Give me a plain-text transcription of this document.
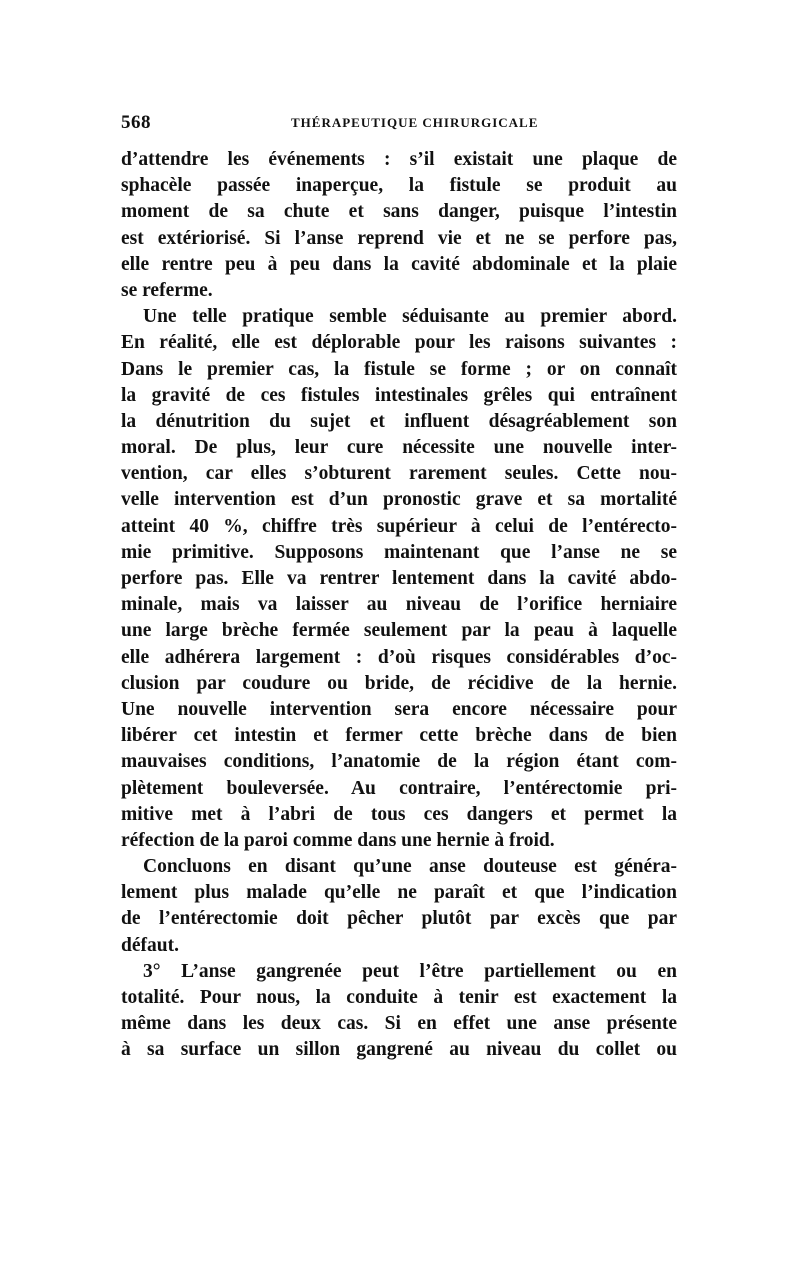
568	THÉRAPEUTIQUE CHIRURGICALE
d’attendre les événements : s’il existait une plaque de
sphacèle passée inaperçue, la fistule se produit au
moment de sa chute et sans danger, puisque l’intestin
est extériorisé. Si l’anse reprend vie et ne se perfore pas,
elle rentre peu à peu dans la cavité abdominale et la plaie
se referme.
Une telle pratique semble séduisante au premier abord.
En réalité, elle est déplorable pour les raisons suivantes :
Dans le premier cas, la fistule se forme ; or on connaît
la gravité de ces fistules intestinales grêles qui entraînent
la dénutrition du sujet et influent désagréablement son
moral. De plus, leur cure nécessite une nouvelle inter-
vention, car elles s’obturent rarement seules. Cette nou-
velle intervention est d’un pronostic grave et sa mortalité
atteint 40 %, chiffre très supérieur à celui de l’entérecto-
mie primitive. Supposons maintenant que l’anse ne se
perfore pas. Elle va rentrer lentement dans la cavité abdo-
minale, mais va laisser au niveau de l’orifice herniaire
une large brèche fermée seulement par la peau à laquelle
elle adhérera largement : d’où risques considérables d’oc-
clusion par coudure ou bride, de récidive de la hernie.
Une nouvelle intervention sera encore nécessaire pour
libérer cet intestin et fermer cette brèche dans de bien
mauvaises conditions, l’anatomie de la région étant com-
plètement bouleversée. Au contraire, l’entérectomie pri-
mitive met à l’abri de tous ces dangers et permet la
réfection de la paroi comme dans une hernie à froid.
Concluons en disant qu’une anse douteuse est généra-
lement plus malade qu’elle ne paraît et que l’indication
de l’entérectomie doit pêcher plutôt par excès que par
défaut.
3° L’anse gangrenée peut l’être partiellement ou en
totalité. Pour nous, la conduite à tenir est exactement la
même dans les deux cas. Si en effet une anse présente
à sa surface un sillon gangrené au niveau du collet ou
